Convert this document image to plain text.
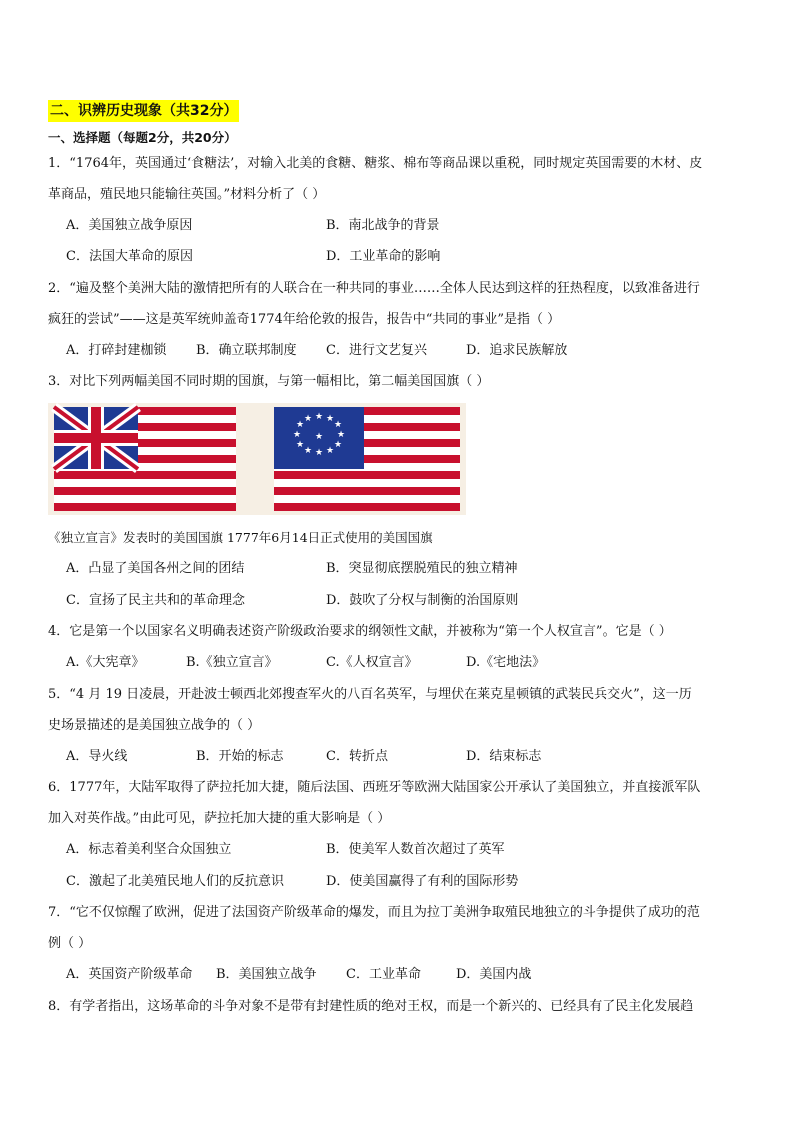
二、识辨历史现象（共32分）
一、选择题（每题2分，共20分）
1．“1764年，英国通过‘食糖法’，对输入北美的食糖、糖浆、棉布等商品课以重税，同时规定英国需要的木材、皮
革商品，殖民地只能输往英国。”材料分析了（ ）
A．美国独立战争原因	B．南北战争的背景
C．法国大革命的原因	D．工业革命的影响
2．“遍及整个美洲大陆的激情把所有的人联合在一种共同的事业……全体人民达到这样的狂热程度，以致准备进行
疯狂的尝试”——这是英军统帅盖奇1774年给伦敦的报告，报告中“共同的事业”是指（ ）
A．打碎封建枷锁 B．确立联邦制度 C．进行文艺复兴	D．追求民族解放
3．对比下列两幅美国不同时期的国旗，与第一幅相比，第二幅美国国旗（ ）
★ ★
★
★
★
★
★
★
★
★
★
★
★
《独立宣言》发表时的美国国旗 1777年6月14日正式使用的美国国旗
A．凸显了美国各州之间的团结	B．突显彻底摆脱殖民的独立精神
C．宣扬了民主共和的革命理念	D．鼓吹了分权与制衡的治国原则
4．它是第一个以国家名义明确表述资产阶级政治要求的纲领性文献，并被称为“第一个人权宣言”。它是（ ）
A.《大宪章》	B.《独立宣言》	C.《人权宣言》	D.《宅地法》
5．“4 月 19 日凌晨，开赴波士顿西北郊搜查军火的八百名英军，与埋伏在莱克星顿镇的武装民兵交火”，这一历
史场景描述的是美国独立战争的（ ）
A．导火线	B．开始的标志	C．转折点	D．结束标志
6．1777年，大陆军取得了萨拉托加大捷，随后法国、西班牙等欧洲大陆国家公开承认了美国独立，并直接派军队
加入对英作战。”由此可见，萨拉托加大捷的重大影响是（ ）
A．标志着美利坚合众国独立	B．使美军人数首次超过了英军
C．激起了北美殖民地人们的反抗意识	D．使美国赢得了有利的国际形势
7．“它不仅惊醒了欧洲，促进了法国资产阶级革命的爆发，而且为拉丁美洲争取殖民地独立的斗争提供了成功的范
例（ ）
A．英国资产阶级革命 B．美国独立战争 C．工业革命	D．美国内战
8．有学者指出，这场革命的斗争对象不是带有封建性质的绝对王权，而是一个新兴的、已经具有了民主化发展趋
